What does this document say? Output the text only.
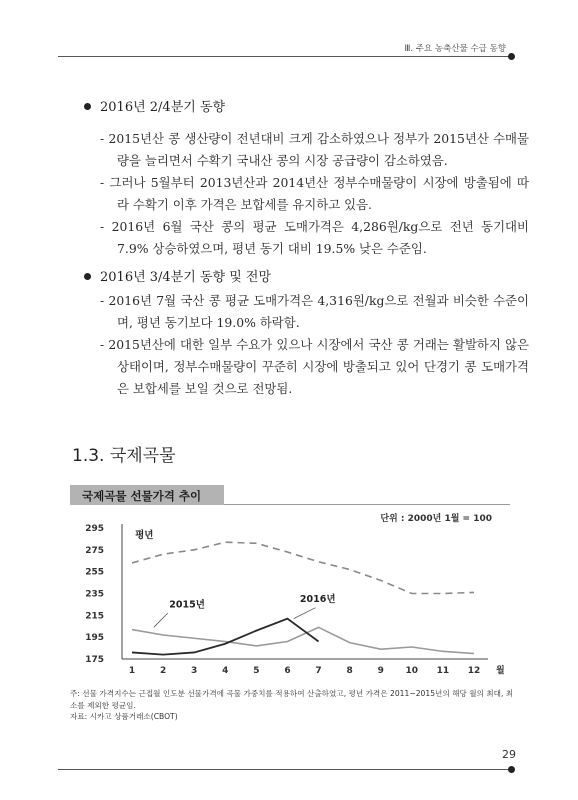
Ⅲ. 주요 농축산물 수급 동향
2016년 2/4분기 동향
- 2015년산 콩 생산량이 전년대비 크게 감소하였으나 정부가 2015년산 수매물량을 늘리면서 수확기 국내산 콩의 시장 공급량이 감소하였음.
- 그러나 5월부터 2013년산과 2014년산 정부수매물량이 시장에 방출됨에 따라 수확기 이후 가격은 보합세를 유지하고 있음.
- 2016년 6월 국산 콩의 평균 도매가격은 4,286원/kg으로 전년 동기대비 7.9% 상승하였으며, 평년 동기 대비 19.5% 낮은 수준임.
2016년 3/4분기 동향 및 전망
- 2016년 7월 국산 콩 평균 도매가격은 4,316원/kg으로 전월과 비슷한 수준이며, 평년 동기보다 19.0% 하락함.
- 2015년산에 대한 일부 수요가 있으나 시장에서 국산 콩 거래는 활발하지 않은 상태이며, 정부수매물량이 꾸준히 시장에 방출되고 있어 단경기 콩 도매가격은 보합세를 보일 것으로 전망됨.
1.3. 국제곡물
국제곡물 선물가격 추이
175
195
215
235
255
275
295
1	2	3	4	5	6	7	8	9 10 11 12 월
단위 : 2000년 1월 = 100
평년
2015년	2016년
주: 선물 가격지수는 근접월 인도분 선물가격에 곡물 가중치를 적용하여 산출하였고, 평년 가격은 2011~2015년의 해당 월의 최대, 최소를 제외한 평균임.
자료: 시카고 상품거래소(CBOT)
29
